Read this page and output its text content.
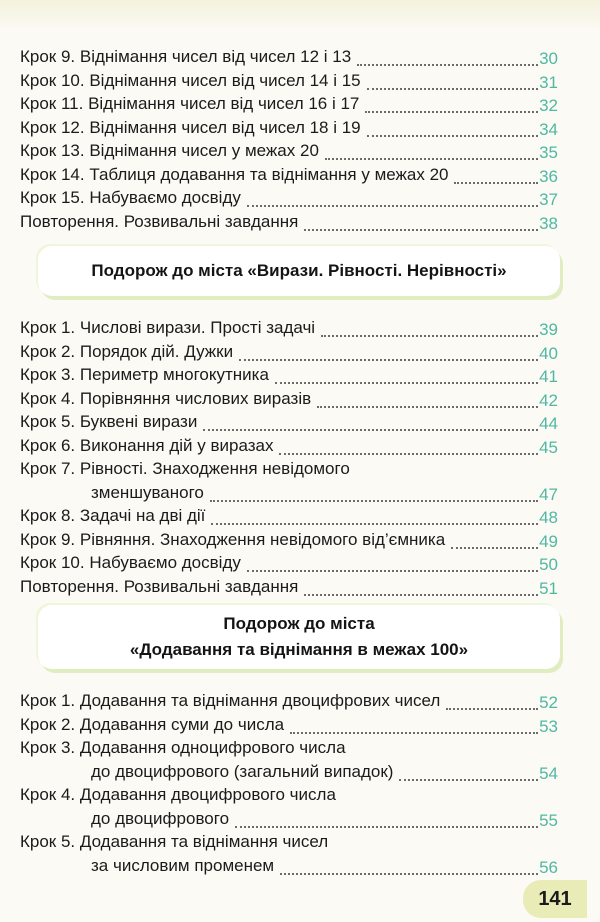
Крок 9. Віднімання чисел від чисел 12 і 13	30
Крок 10. Віднімання чисел від чисел 14 і 15	31
Крок 11. Віднімання чисел від чисел 16 і 17	32
Крок 12. Віднімання чисел від чисел 18 і 19	34
Крок 13. Віднімання чисел у межах 20	35
Крок 14. Таблиця додавання та віднімання у межах 20	36
Крок 15. Набуваємо досвіду	37
Повторення. Розвивальні завдання	38
Подорож до міста «Вирази. Рівності. Нерівності»
Крок 1. Числові вирази. Прості задачі	39
Крок 2. Порядок дій. Дужки	40
Крок 3. Периметр многокутника	41
Крок 4. Порівняння числових виразів	42
Крок 5. Буквені вирази	44
Крок 6. Виконання дій у виразах	45
Крок 7. Рівності. Знаходження невідомого
зменшуваного	47
Крок 8. Задачі на дві дії	48
Крок 9. Рівняння. Знаходження невідомого від’ємника	49
Крок 10. Набуваємо досвіду	50
Повторення. Розвивальні завдання	51
Подорож до міста
«Додавання та віднімання в межах 100»
Крок 1. Додавання та віднімання двоцифрових чисел	52
Крок 2. Додавання суми до числа	53
Крок 3. Додавання одноцифрового числа
до двоцифрового (загальний випадок)	54
Крок 4. Додавання двоцифрового числа
до двоцифрового	55
Крок 5. Додавання та віднімання чисел
за числовим променем	56
141
